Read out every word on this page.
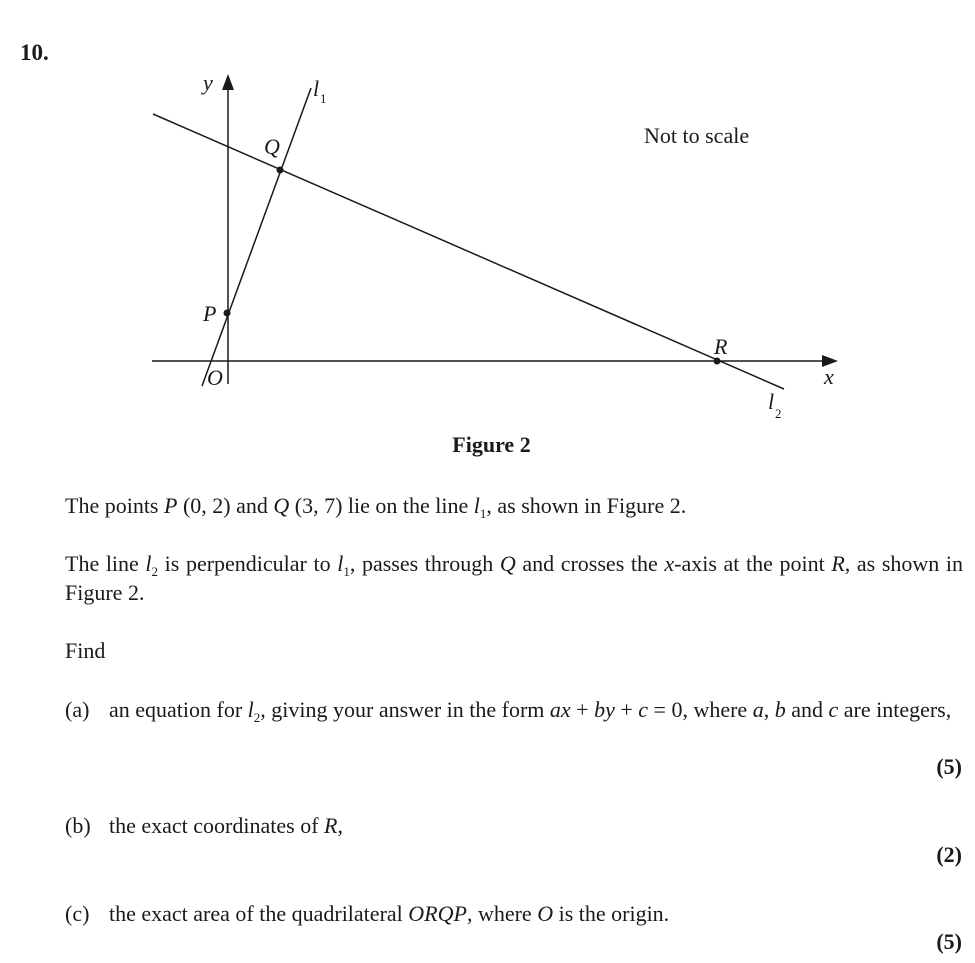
10.
y
x
O
P
Q
R
l 1
l 2
Not to scale
Figure 2
The points P (0, 2) and Q (3, 7) lie on the line $l_1$, as shown in Figure 2.
The line $l_2$ is perpendicular to $l_1$, passes through Q and crosses the x-axis at the point R, as shown in Figure 2.
Find
(a) an equation for $l_2$, giving your answer in the form ax + by + c = 0, where a, b and c are integers,
(5)
(b) the exact coordinates of R,
(2)
(c) the exact area of the quadrilateral ORQP, where O is the origin.
(5)
